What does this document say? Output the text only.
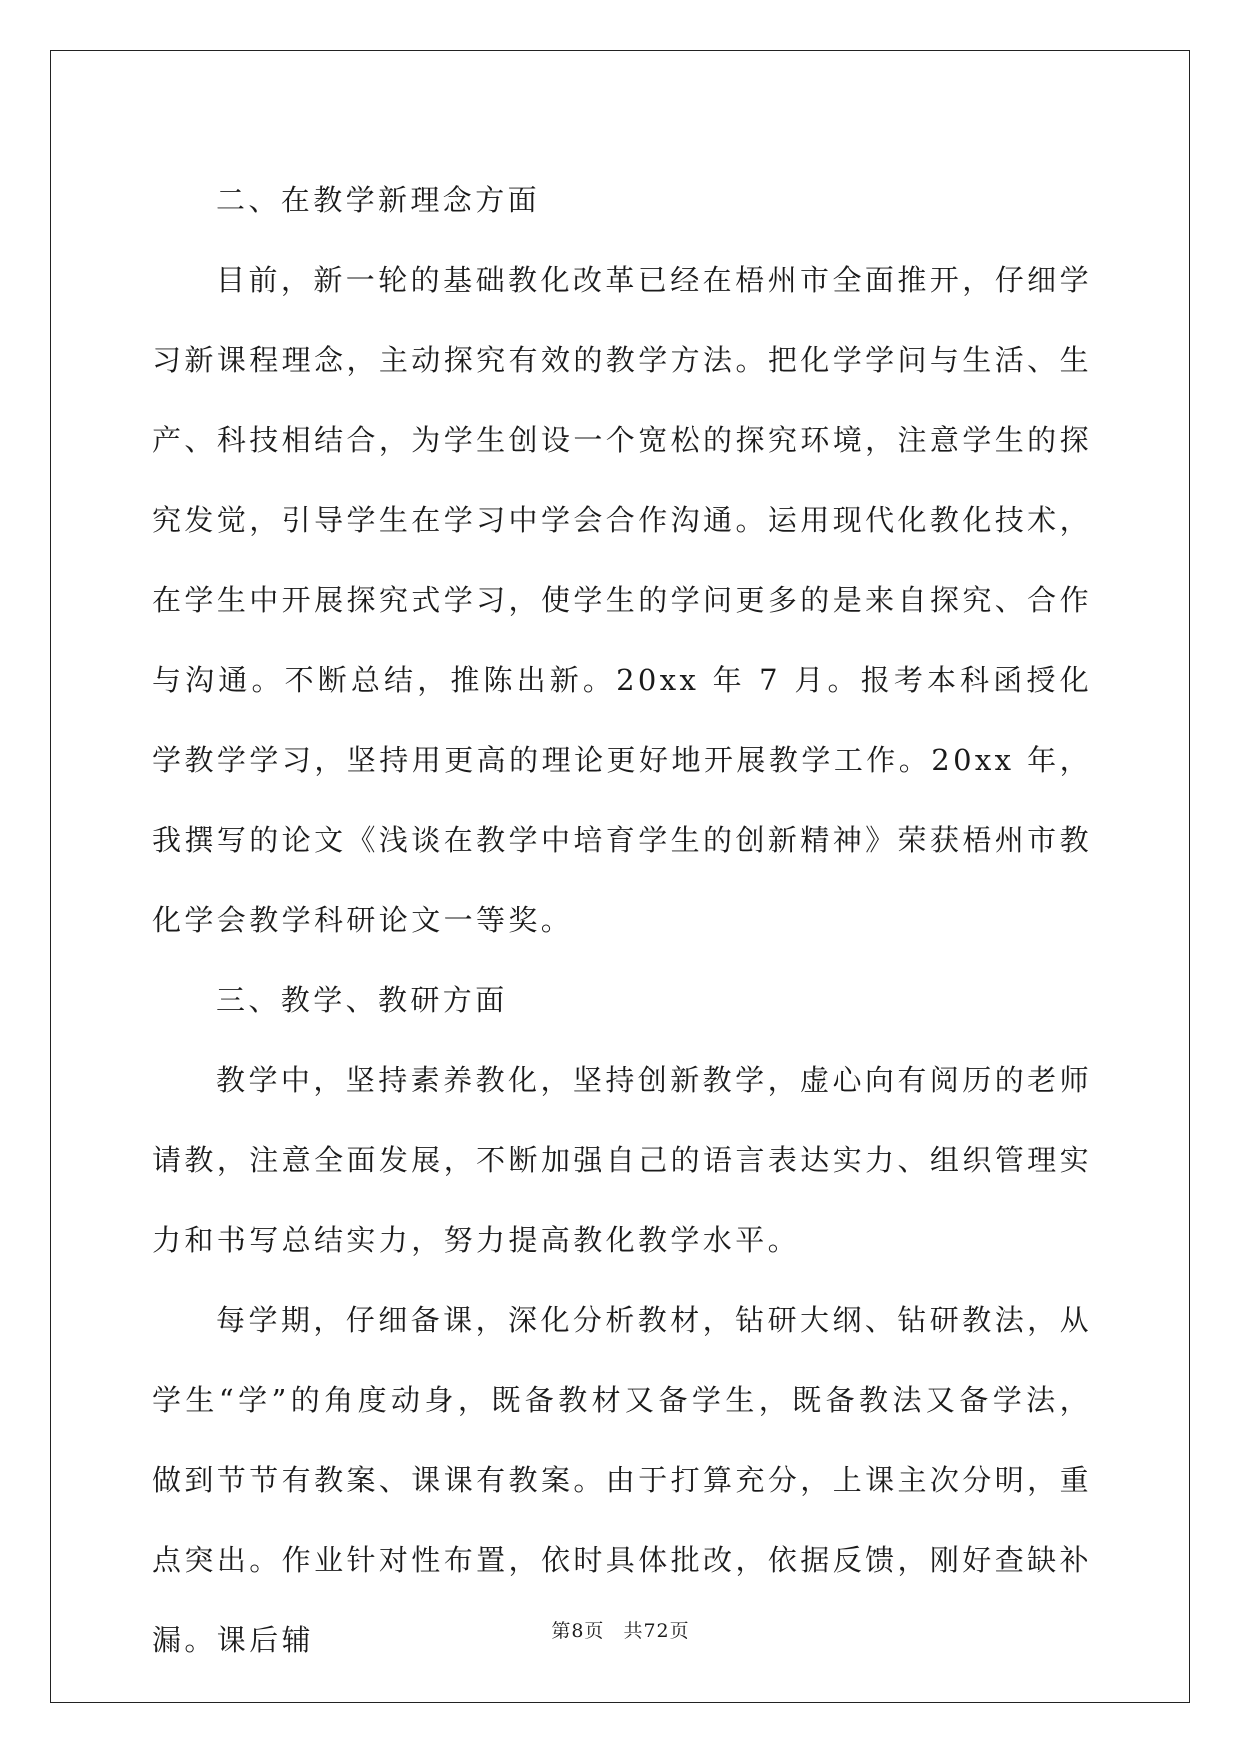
二、在教学新理念方面

目前，新一轮的基础教化改革已经在梧州市全面推开，仔细学习新课程理念，主动探究有效的教学方法。把化学学问与生活、生产、科技相结合，为学生创设一个宽松的探究环境，注意学生的探究发觉，引导学生在学习中学会合作沟通。运用现代化教化技术，在学生中开展探究式学习，使学生的学问更多的是来自探究、合作与沟通。不断总结，推陈出新。20xx 年 7 月。报考本科函授化学教学学习，坚持用更高的理论更好地开展教学工作。20xx 年，我撰写的论文《浅谈在教学中培育学生的创新精神》荣获梧州市教化学会教学科研论文一等奖。

三、教学、教研方面

教学中，坚持素养教化，坚持创新教学，虚心向有阅历的老师请教，注意全面发展，不断加强自己的语言表达实力、组织管理实力和书写总结实力，努力提高教化教学水平。

每学期，仔细备课，深化分析教材，钻研大纲、钻研教法，从学生“学”的角度动身，既备教材又备学生，既备教法又备学法，做到节节有教案、课课有教案。由于打算充分，上课主次分明，重点突出。作业针对性布置，依时具体批改，依据反馈，刚好查缺补漏。课后辅	第8页 共72页
